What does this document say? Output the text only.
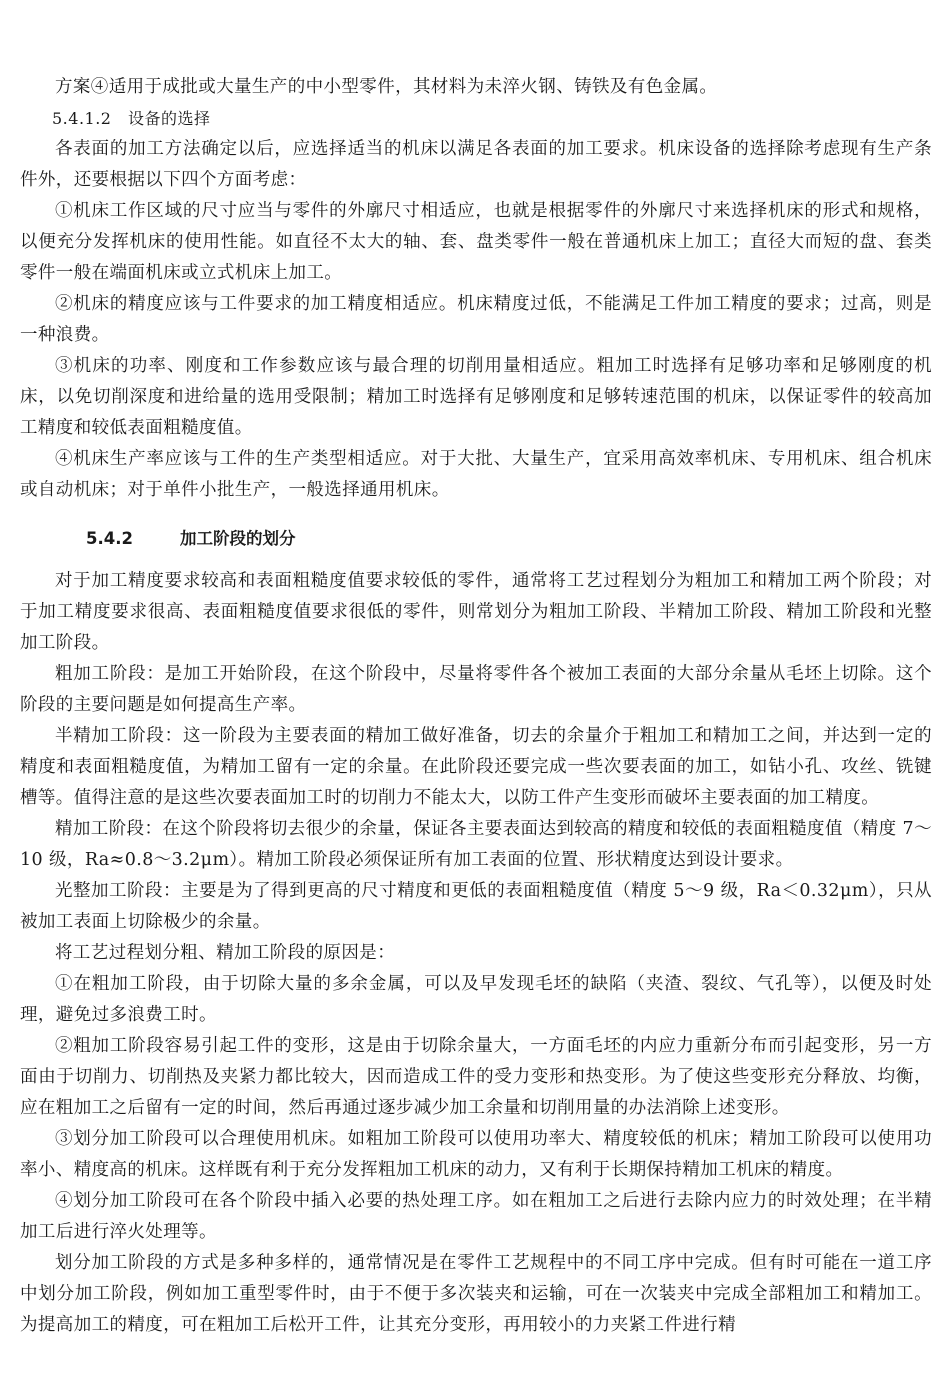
方案④适用于成批或大量生产的中小型零件，其材料为未淬火钢、铸铁及有色金属。

5.4.1.2　设备的选择

各表面的加工方法确定以后，应选择适当的机床以满足各表面的加工要求。机床设备的选择除考虑现有生产条件外，还要根据以下四个方面考虑：

①机床工作区域的尺寸应当与零件的外廓尺寸相适应，也就是根据零件的外廓尺寸来选择机床的形式和规格，以便充分发挥机床的使用性能。如直径不太大的轴、套、盘类零件一般在普通机床上加工；直径大而短的盘、套类零件一般在端面机床或立式机床上加工。

②机床的精度应该与工件要求的加工精度相适应。机床精度过低，不能满足工件加工精度的要求；过高，则是一种浪费。

③机床的功率、刚度和工作参数应该与最合理的切削用量相适应。粗加工时选择有足够功率和足够刚度的机床，以免切削深度和进给量的选用受限制；精加工时选择有足够刚度和足够转速范围的机床，以保证零件的较高加工精度和较低表面粗糙度值。

④机床生产率应该与工件的生产类型相适应。对于大批、大量生产，宜采用高效率机床、专用机床、组合机床或自动机床；对于单件小批生产，一般选择通用机床。

5.4.2	加工阶段的划分

对于加工精度要求较高和表面粗糙度值要求较低的零件，通常将工艺过程划分为粗加工和精加工两个阶段；对于加工精度要求很高、表面粗糙度值要求很低的零件，则常划分为粗加工阶段、半精加工阶段、精加工阶段和光整加工阶段。

粗加工阶段：是加工开始阶段，在这个阶段中，尽量将零件各个被加工表面的大部分余量从毛坯上切除。这个阶段的主要问题是如何提高生产率。

半精加工阶段：这一阶段为主要表面的精加工做好准备，切去的余量介于粗加工和精加工之间，并达到一定的精度和表面粗糙度值，为精加工留有一定的余量。在此阶段还要完成一些次要表面的加工，如钻小孔、攻丝、铣键槽等。值得注意的是这些次要表面加工时的切削力不能太大，以防工件产生变形而破坏主要表面的加工精度。

精加工阶段：在这个阶段将切去很少的余量，保证各主要表面达到较高的精度和较低的表面粗糙度值（精度 7～10 级，Ra≈0.8～3.2μm）。精加工阶段必须保证所有加工表面的位置、形状精度达到设计要求。

光整加工阶段：主要是为了得到更高的尺寸精度和更低的表面粗糙度值（精度 5～9 级，Ra＜0.32μm），只从被加工表面上切除极少的余量。

将工艺过程划分粗、精加工阶段的原因是：

①在粗加工阶段，由于切除大量的多余金属，可以及早发现毛坯的缺陷（夹渣、裂纹、气孔等），以便及时处理，避免过多浪费工时。

②粗加工阶段容易引起工件的变形，这是由于切除余量大，一方面毛坯的内应力重新分布而引起变形，另一方面由于切削力、切削热及夹紧力都比较大，因而造成工件的受力变形和热变形。为了使这些变形充分释放、均衡，应在粗加工之后留有一定的时间，然后再通过逐步减少加工余量和切削用量的办法消除上述变形。

③划分加工阶段可以合理使用机床。如粗加工阶段可以使用功率大、精度较低的机床；精加工阶段可以使用功率小、精度高的机床。这样既有利于充分发挥粗加工机床的动力，又有利于长期保持精加工机床的精度。

④划分加工阶段可在各个阶段中插入必要的热处理工序。如在粗加工之后进行去除内应力的时效处理；在半精加工后进行淬火处理等。

划分加工阶段的方式是多种多样的，通常情况是在零件工艺规程中的不同工序中完成。但有时可能在一道工序中划分加工阶段，例如加工重型零件时，由于不便于多次装夹和运输，可在一次装夹中完成全部粗加工和精加工。为提高加工的精度，可在粗加工后松开工件，让其充分变形，再用较小的力夹紧工件进行精
